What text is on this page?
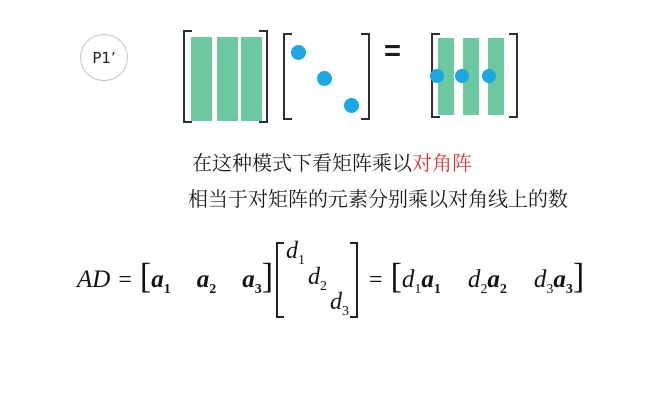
P1’	=
在这种模式下看矩阵乘以对角阵
相当于对矩阵的元素分别乘以对角线上的数
AD = [ $a_1$ $a_2$ $a_3$ ]
$d_1$
$d_2$
$d_3$
= [ $d_1a_1$ $d_2a_2$ $d_3a_3$ ]
